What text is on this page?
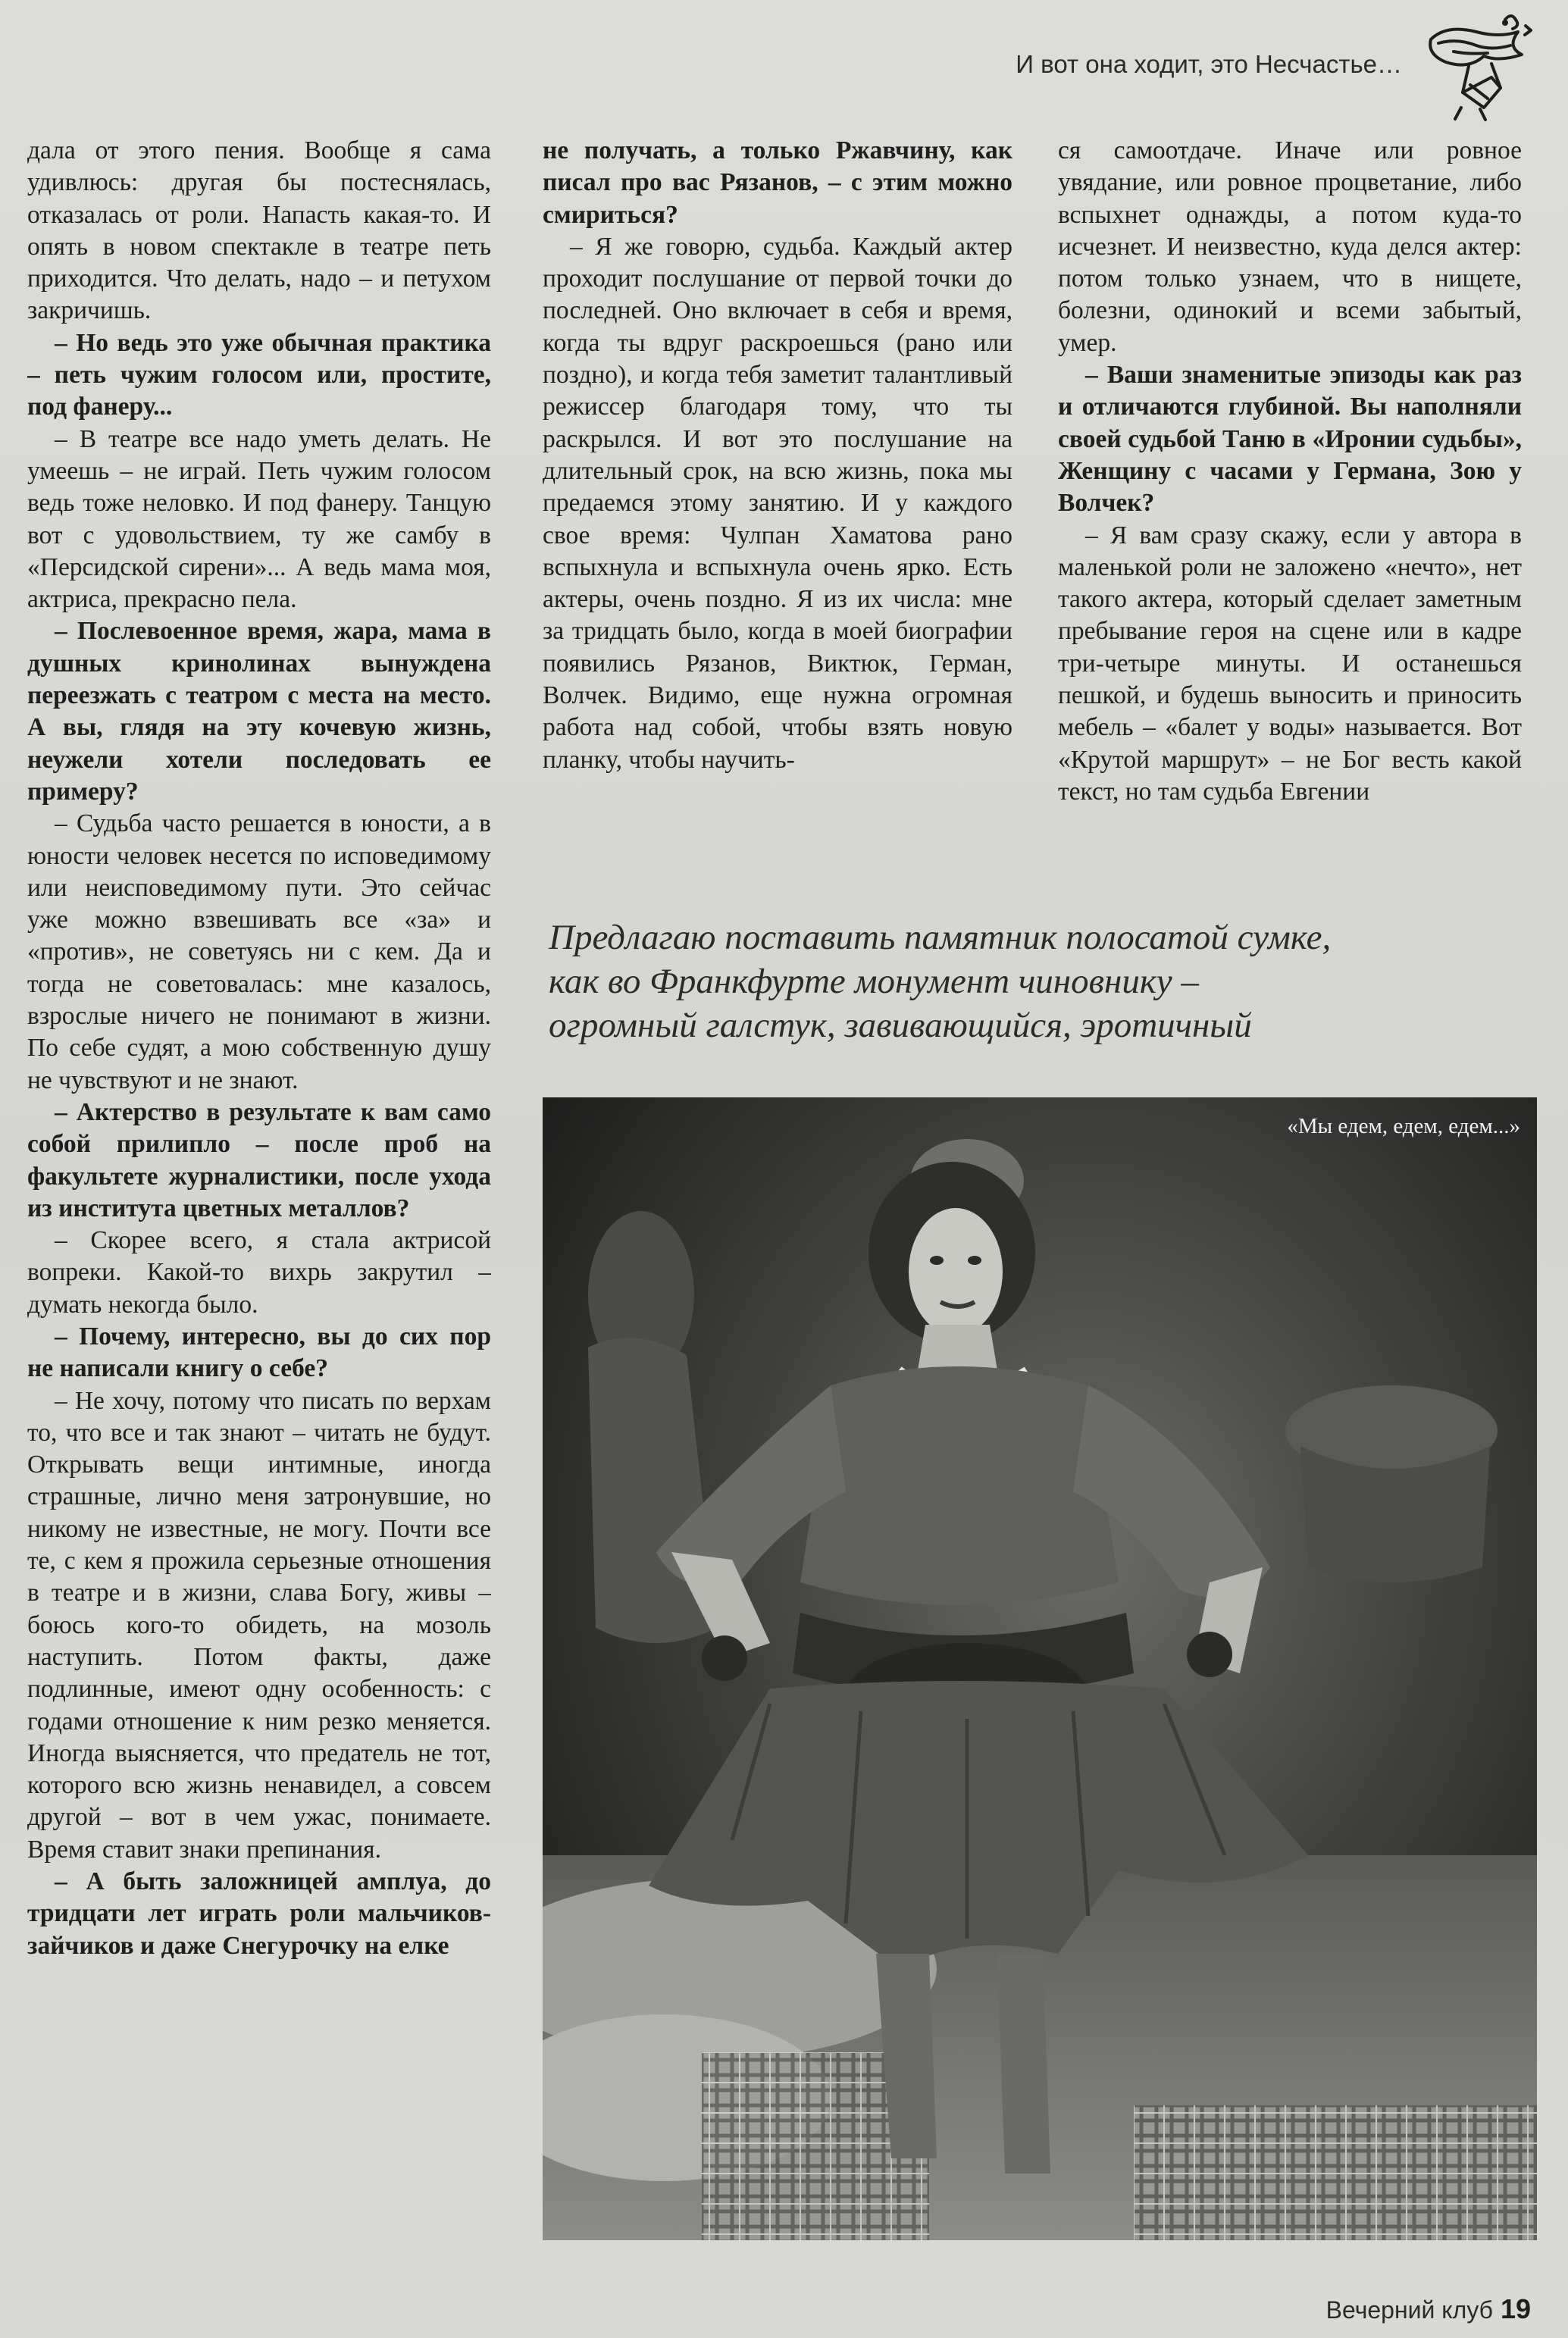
И вот она ходит, это Несчастье…

дала от этого пения. Вообще я сама удивлюсь: другая бы постеснялась, отказалась от роли. Напасть какая-то. И опять в новом спектакле в театре петь приходится. Что делать, надо – и петухом закричишь.

– Но ведь это уже обычная практика – петь чужим голосом или, простите, под фанеру...

– В театре все надо уметь делать. Не умеешь – не играй. Петь чужим голосом ведь тоже неловко. И под фанеру. Танцую вот с удовольствием, ту же самбу в «Персидской сирени»... А ведь мама моя, актриса, прекрасно пела.

– Послевоенное время, жара, мама в душных кринолинах вынуждена переезжать с театром с места на место. А вы, глядя на эту кочевую жизнь, неужели хотели последовать ее примеру?

– Судьба часто решается в юности, а в юности человек несется по исповедимому или неисповедимому пути. Это сейчас уже можно взвешивать все «за» и «против», не советуясь ни с кем. Да и тогда не советовалась: мне казалось, взрослые ничего не понимают в жизни. По себе судят, а мою собственную душу не чувствуют и не знают.

– Актерство в результате к вам само собой прилипло – после проб на факультете журналистики, после ухода из института цветных металлов?

– Скорее всего, я стала актрисой вопреки. Какой-то вихрь закрутил – думать некогда было.

– Почему, интересно, вы до сих пор не написали книгу о себе?

– Не хочу, потому что писать по верхам то, что все и так знают – читать не будут. Открывать вещи интимные, иногда страшные, лично меня затронувшие, но никому не известные, не могу. Почти все те, с кем я прожила серьезные отношения в театре и в жизни, слава Богу, живы – боюсь кого-то обидеть, на мозоль наступить. Потом факты, даже подлинные, имеют одну особенность: с годами отношение к ним резко меняется. Иногда выясняется, что предатель не тот, которого всю жизнь ненавидел, а совсем другой – вот в чем ужас, понимаете. Время ставит знаки препинания.

– А быть заложницей амплуа, до тридцати лет играть роли мальчиков-зайчиков и даже Снегурочку на елке

не получать, а только Ржавчину, как писал про вас Рязанов, – с этим можно смириться?

– Я же говорю, судьба. Каждый актер проходит послушание от первой точки до последней. Оно включает в себя и время, когда ты вдруг раскроешься (рано или поздно), и когда тебя заметит талантливый режиссер благодаря тому, что ты раскрылся. И вот это послушание на длительный срок, на всю жизнь, пока мы предаемся этому занятию. И у каждого свое время: Чулпан Хаматова рано вспыхнула и вспыхнула очень ярко. Есть актеры, очень поздно. Я из их числа: мне за тридцать было, когда в моей биографии появились Рязанов, Виктюк, Герман, Волчек. Видимо, еще нужна огромная работа над собой, чтобы взять новую планку, чтобы научить-

ся самоотдаче. Иначе или ровное увядание, или ровное процветание, либо вспыхнет однажды, а потом куда-то исчезнет. И неизвестно, куда делся актер: потом только узнаем, что в нищете, болезни, одинокий и всеми забытый, умер.

– Ваши знаменитые эпизоды как раз и отличаются глубиной. Вы наполняли своей судьбой Таню в «Иронии судьбы», Женщину с часами у Германа, Зою у Волчек?

– Я вам сразу скажу, если у автора в маленькой роли не заложено «нечто», нет такого актера, который сделает заметным пребывание героя на сцене или в кадре три-четыре минуты. И останешься пешкой, и будешь выносить и приносить мебель – «балет у воды» называется. Вот «Крутой маршрут» – не Бог весть какой текст, но там судьба Евгении

Предлагаю поставить памятник полосатой сумке,
как во Франкфурте монумент чиновнику –
огромный галстук, завивающийся, эротичный
«Мы едем, едем, едем...»
Вечерний клуб 19
